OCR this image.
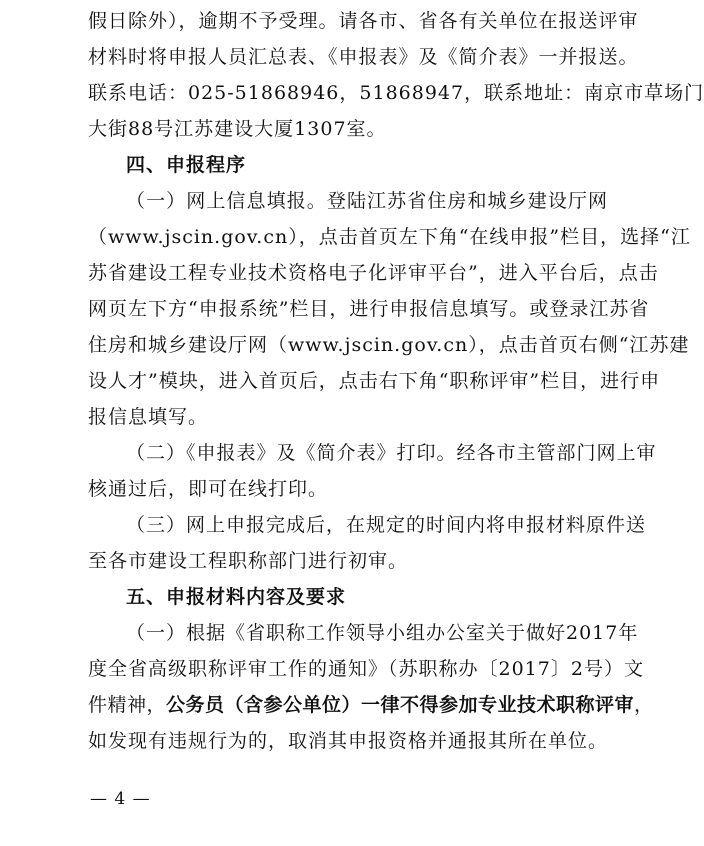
假日除外），逾期不予受理。请各市、省各有关单位在报送评审
材料时将申报人员汇总表、《申报表》及《简介表》一并报送。
联系电话：025-51868946，51868947，联系地址：南京市草场门
大街88号江苏建设大厦1307室。
四、申报程序
（一）网上信息填报。登陆江苏省住房和城乡建设厅网
（www.jscin.gov.cn），点击首页左下角“在线申报”栏目，选择“江
苏省建设工程专业技术资格电子化评审平台”，进入平台后，点击
网页左下方“申报系统”栏目，进行申报信息填写。或登录江苏省
住房和城乡建设厅网（www.jscin.gov.cn），点击首页右侧“江苏建
设人才”模块，进入首页后，点击右下角“职称评审”栏目，进行申
报信息填写。
（二）《申报表》及《简介表》打印。经各市主管部门网上审
核通过后，即可在线打印。
（三）网上申报完成后，在规定的时间内将申报材料原件送
至各市建设工程职称部门进行初审。
五、申报材料内容及要求
（一）根据《省职称工作领导小组办公室关于做好2017年
度全省高级职称评审工作的通知》（苏职称办〔2017〕2号）文
件精神，公务员（含参公单位）一律不得参加专业技术职称评审，
如发现有违规行为的，取消其申报资格并通报其所在单位。
— 4 —
